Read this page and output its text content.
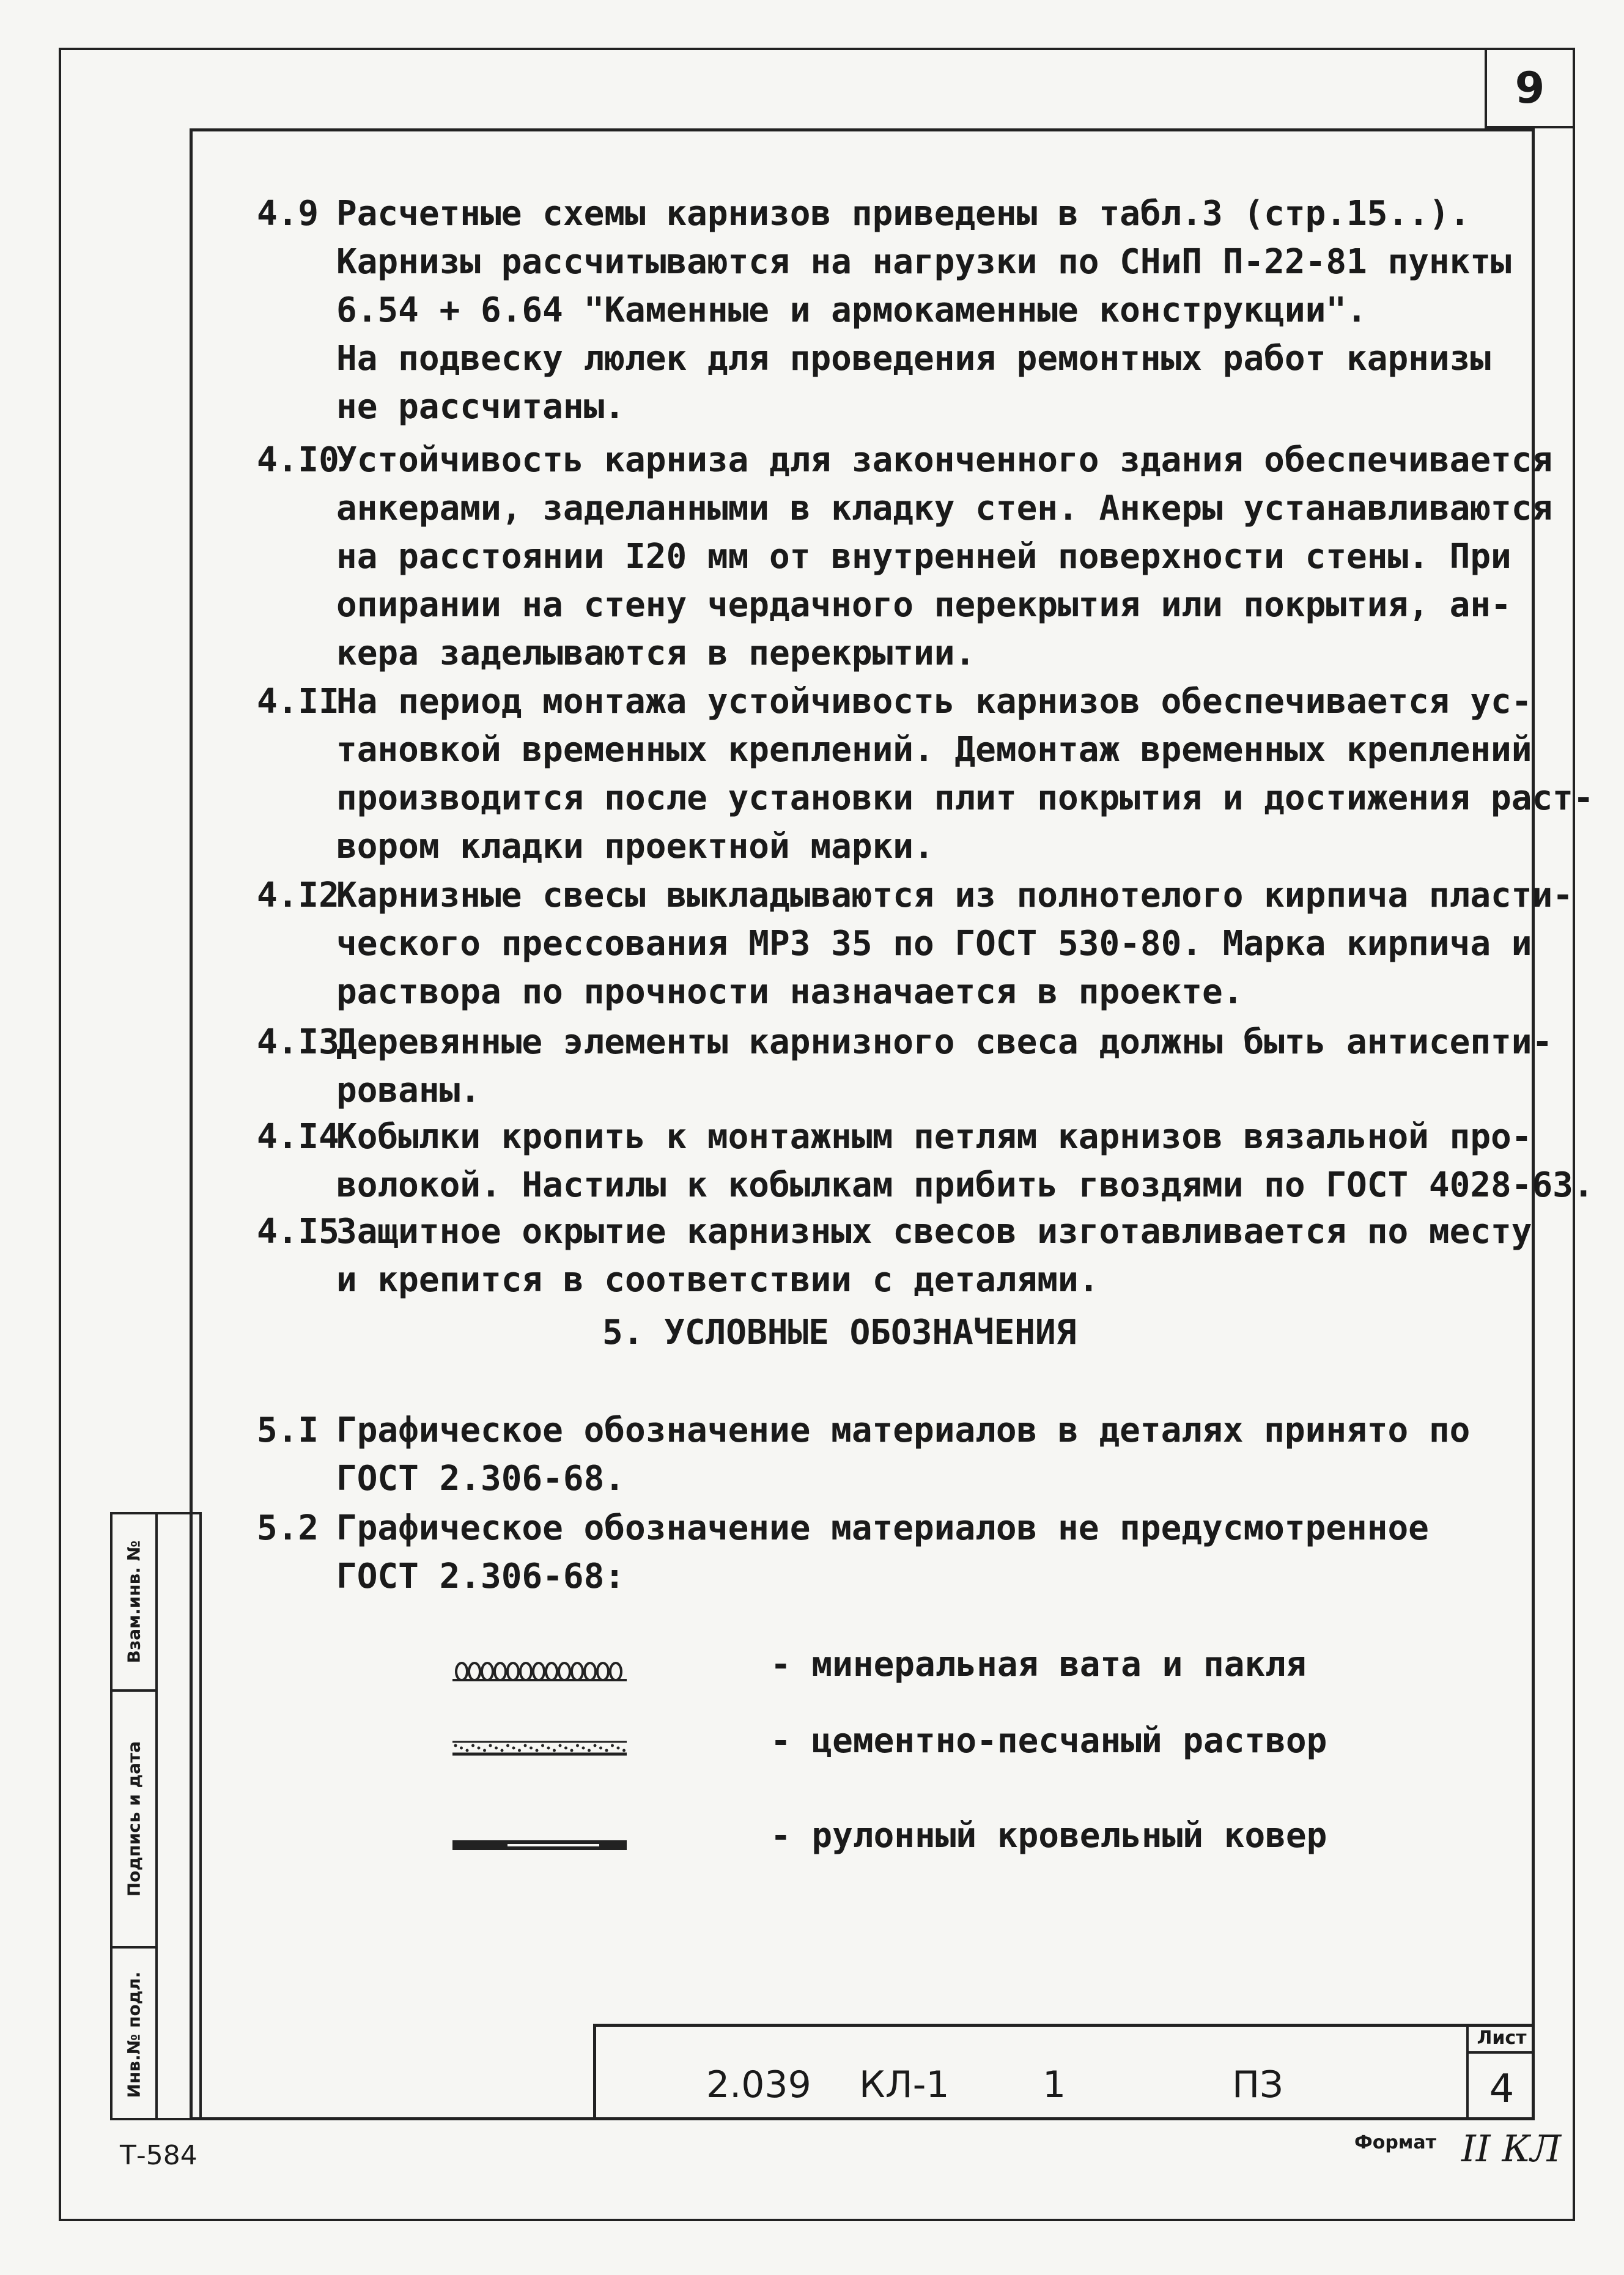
9
4.9 Расчетные схемы карнизов приведены в табл.3 (стр.15..).
Карнизы рассчитываются на нагрузки по СНиП П-22-81 пункты
6.54 + 6.64 "Каменные и армокаменные конструкции".
На подвеску люлек для проведения ремонтных работ карнизы
не рассчитаны.
4.I0Устойчивость карниза для законченного здания обеспечивается
анкерами, заделанными в кладку стен. Анкеры устанавливаются
на расстоянии I20 мм от внутренней поверхности стены. При
опирании на стену чердачного перекрытия или покрытия, ан-
кера заделываются в перекрытии.
4.IIНа период монтажа устойчивость карнизов обеспечивается ус-
тановкой временных креплений. Демонтаж временных креплений
производится после установки плит покрытия и достижения раст-
вором кладки проектной марки.
4.I2Карнизные свесы выкладываются из полнотелого кирпича пласти-
ческого прессования МРЗ 35 по ГОСТ 530-80. Марка кирпича и
раствора по прочности назначается в проекте.
4.I3Деревянные элементы карнизного свеса должны быть антисепти-
рованы.
4.I4Кобылки кропить к монтажным петлям карнизов вязальной про-
волокой. Настилы к кобылкам прибить гвоздями по ГОСТ 4028-63.
4.I5Защитное окрытие карнизных свесов изготавливается по месту
и крепится в соответствии с деталями.
5. УСЛОВНЫЕ ОБОЗНАЧЕНИЯ
5.I Графическое обозначение материалов в деталях принято по
ГОСТ 2.306-68.
5.2 Графическое обозначение материалов не предусмотренное
ГОСТ 2.306-68:
- минеральная вата и пакля
- цементно-песчаный раствор
- рулонный кровельный ковер
Взам.инв. №
Подпись и дата
Инв.№ подл.	2.039 КЛ-1	1	ПЗ
Лист
4
Формат II КЛ
Т-584
